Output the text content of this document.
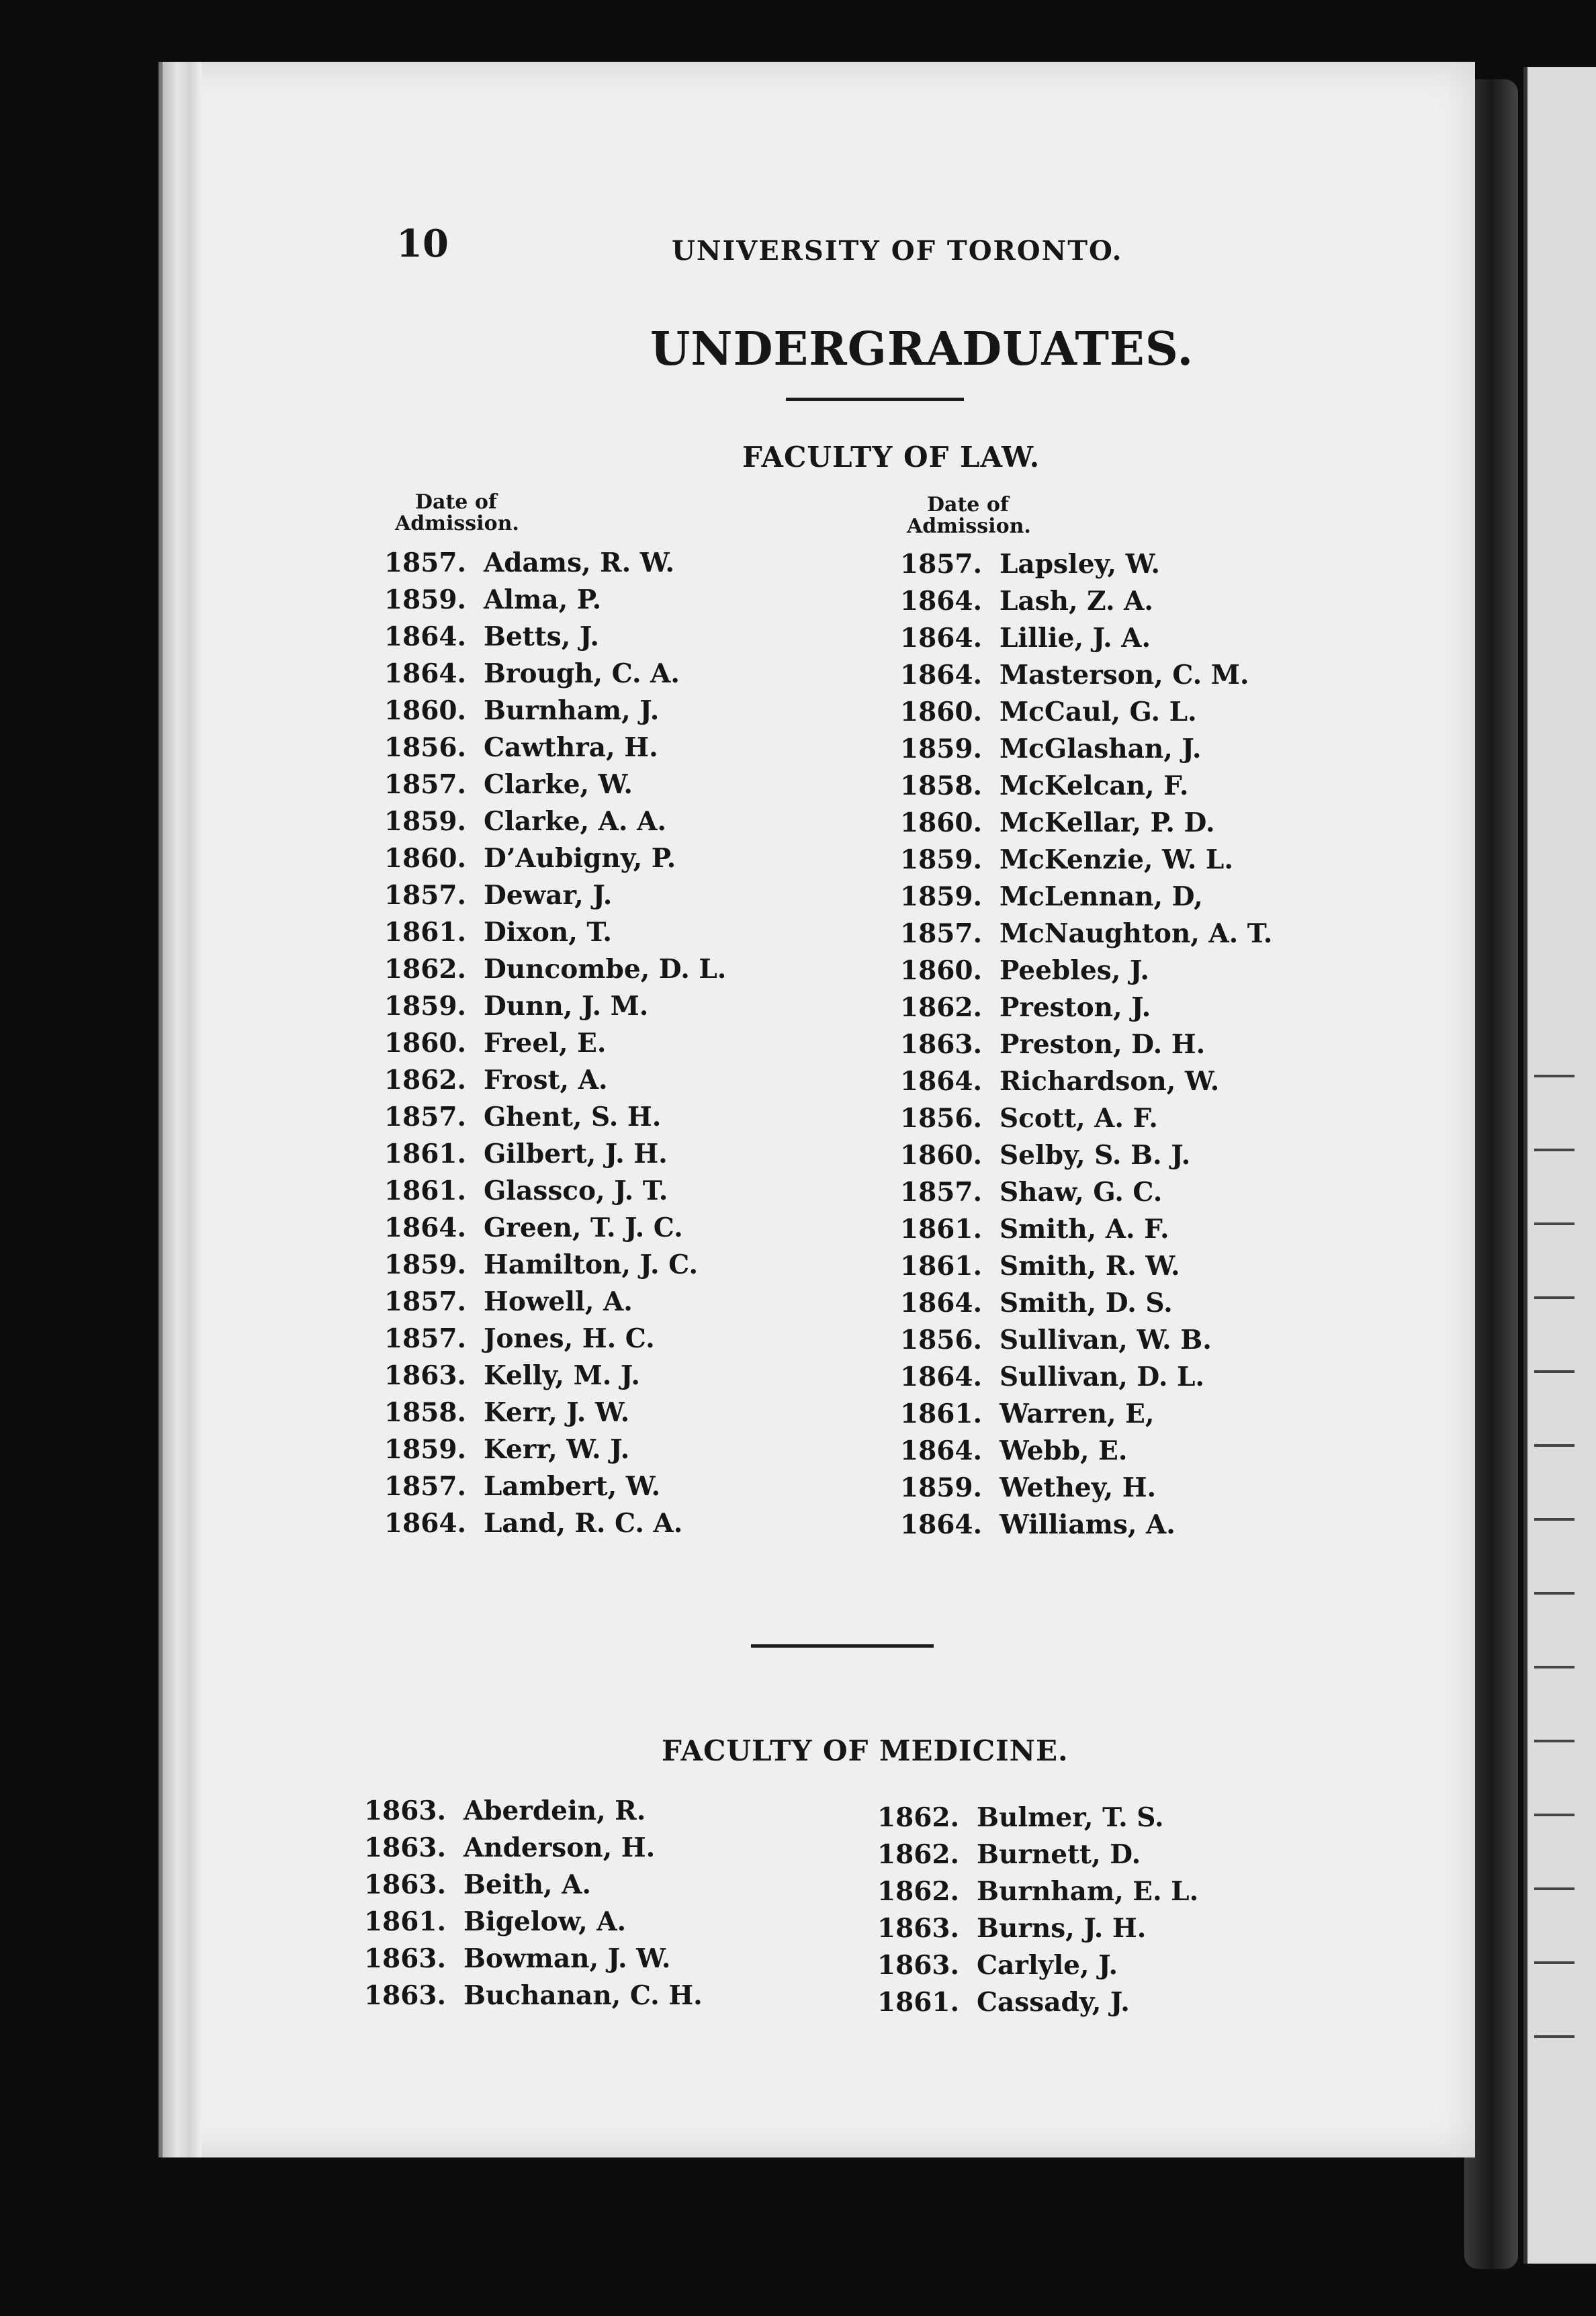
10	UNIVERSITY OF TORONTO.
UNDERGRADUATES.
FACULTY OF LAW.
Date of
Admission.
Date of
Admission.
1857. Adams, R. W.
1859. Alma, P.
1864. Betts, J.
1864. Brough, C. A.
1860. Burnham, J.
1856. Cawthra, H.
1857. Clarke, W.
1859. Clarke, A. A.
1860. D’Aubigny, P.
1857. Dewar, J.
1861. Dixon, T.
1862. Duncombe, D. L.
1859. Dunn, J. M.
1860. Freel, E.
1862. Frost, A.
1857. Ghent, S. H.
1861. Gilbert, J. H.
1861. Glassco, J. T.
1864. Green, T. J. C.
1859. Hamilton, J. C.
1857. Howell, A.
1857. Jones, H. C.
1863. Kelly, M. J.
1858. Kerr, J. W.
1859. Kerr, W. J.
1857. Lambert, W.
1864. Land, R. C. A.
1857. Lapsley, W.
1864. Lash, Z. A.
1864. Lillie, J. A.
1864. Masterson, C. M.
1860. McCaul, G. L.
1859. McGlashan, J.
1858. McKelcan, F.
1860. McKellar, P. D.
1859. McKenzie, W. L.
1859. McLennan, D,
1857. McNaughton, A. T.
1860. Peebles, J.
1862. Preston, J.
1863. Preston, D. H.
1864. Richardson, W.
1856. Scott, A. F.
1860. Selby, S. B. J.
1857. Shaw, G. C.
1861. Smith, A. F.
1861. Smith, R. W.
1864. Smith, D. S.
1856. Sullivan, W. B.
1864. Sullivan, D. L.
1861. Warren, E,
1864. Webb, E.
1859. Wethey, H.
1864. Williams, A.
FACULTY OF MEDICINE.
1863. Aberdein, R.
1863. Anderson, H.
1863. Beith, A.
1861. Bigelow, A.
1863. Bowman, J. W.
1863. Buchanan, C. H.
1862. Bulmer, T. S.
1862. Burnett, D.
1862. Burnham, E. L.
1863. Burns, J. H.
1863. Carlyle, J.
1861. Cassady, J.
